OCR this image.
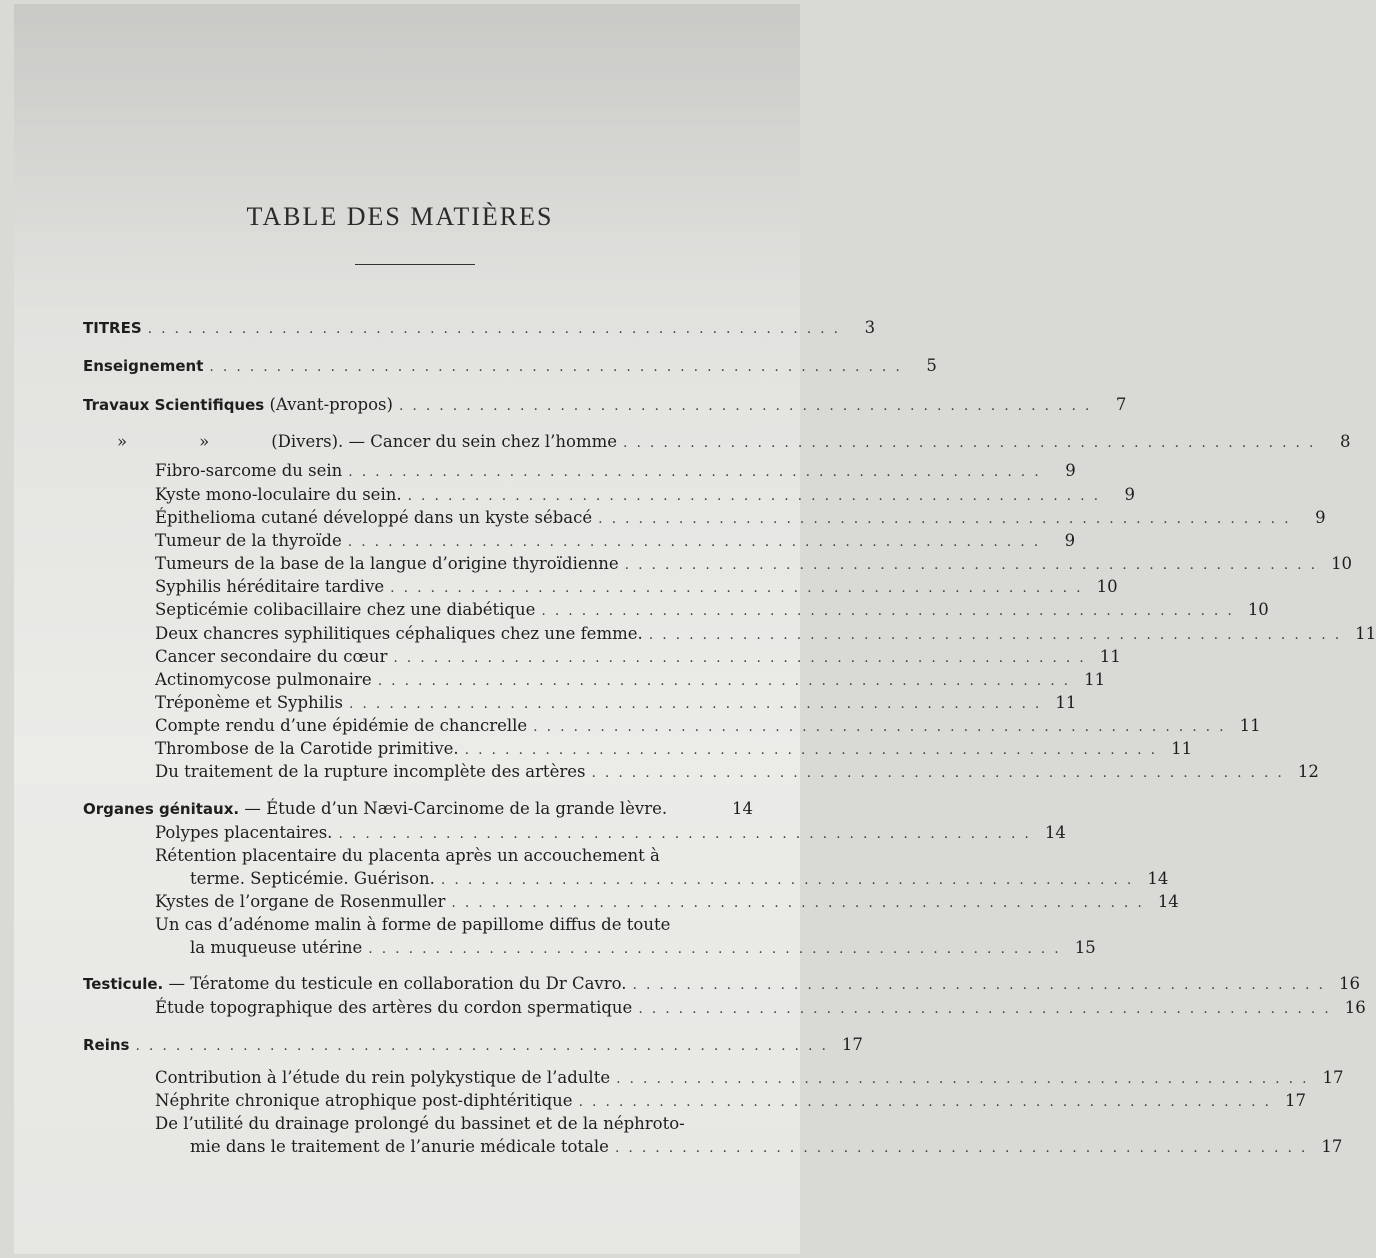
TABLE DES MATIÈRES
TITRES ....................................................	3
Enseignement ....................................................	5
Travaux Scientifiques (Avant-propos) ....................................................	7
»	»	(Divers). — Cancer du sein chez l’homme ....................................................	8
Fibro-sarcome du sein ....................................................	9
Kyste mono-loculaire du sein. ....................................................	9
Épithelioma cutané développé dans un kyste sébacé ....................................................	9
Tumeur de la thyroïde ....................................................	9
Tumeurs de la base de la langue d’origine thyroïdienne .................................................... 10
Syphilis héréditaire tardive .................................................... 10
Septicémie colibacillaire chez une diabétique .................................................... 10
Deux chancres syphilitiques céphaliques chez une femme. .................................................... 11
Cancer secondaire du cœur .................................................... 11
Actinomycose pulmonaire .................................................... 11
Tréponème et Syphilis .................................................... 11
Compte rendu d’une épidémie de chancrelle .................................................... 11
Thrombose de la Carotide primitive. .................................................... 11
Du traitement de la rupture incomplète des artères .................................................... 12
Organes génitaux. — Étude d’un Nævi-Carcinome de la grande lèvre.	14
Polypes placentaires. .................................................... 14
Rétention placentaire du placenta après un accouchement à
terme. Septicémie. Guérison. .................................................... 14
Kystes de l’organe de Rosenmuller .................................................... 14
Un cas d’adénome malin à forme de papillome diffus de toute
la muqueuse utérine .................................................... 15
Testicule. — Tératome du testicule en collaboration du Dr Cavro. .................................................... 16
Étude topographique des artères du cordon spermatique .................................................... 16
Reins .................................................... 17
Contribution à l’étude du rein polykystique de l’adulte .................................................... 17
Néphrite chronique atrophique post-diphtéritique .................................................... 17
De l’utilité du drainage prolongé du bassinet et de la néphroto-
mie dans le traitement de l’anurie médicale totale .................................................... 17
